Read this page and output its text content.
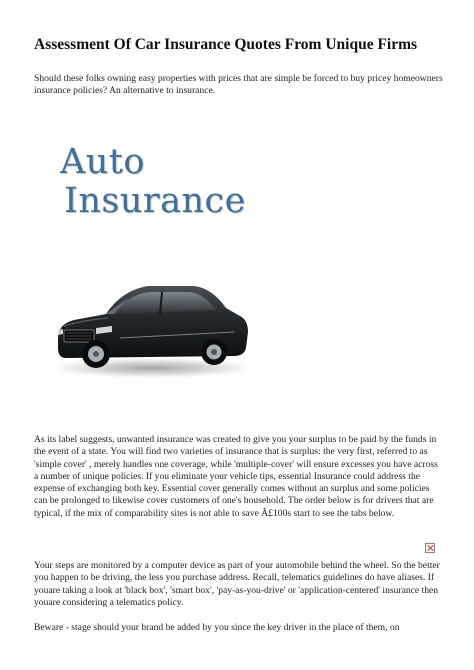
Assessment Of Car Insurance Quotes From Unique Firms

Should these folks owning easy properties with prices that are simple be forced to buy pricey homeowners insurance policies? An alternative to insurance.

Auto

Insurance

As its label suggests, unwanted insurance was created to give you your surplus to be paid by the funds in the event of a state. You will find two varieties of insurance that is surplus: the very first, referred to as 'simple cover' , merely handles one coverage, while 'multiple-cover' will ensure excesses you have across a number of unique policies. If you eliminate your vehicle tips, essential Insurance could address the expense of exchanging both key. Essential cover generally comes without an surplus and some policies can be prolonged to likewise cover customers of one's household. The order below is for drivers that are typical, if the mix of comparability sites is not able to save Â£100s start to see the tabs below.

Your steps are monitored by a computer device as part of your automobile behind the wheel. So the better you happen to be driving, the less you purchase address. Recall, telematics guidelines do have aliases. If youare taking a look at 'black box', 'smart box', 'pay-as-you-drive' or 'application-centered' insurance then youare considering a telematics policy.

Beware - stage should your brand be added by you since the key driver in the place of them, on
